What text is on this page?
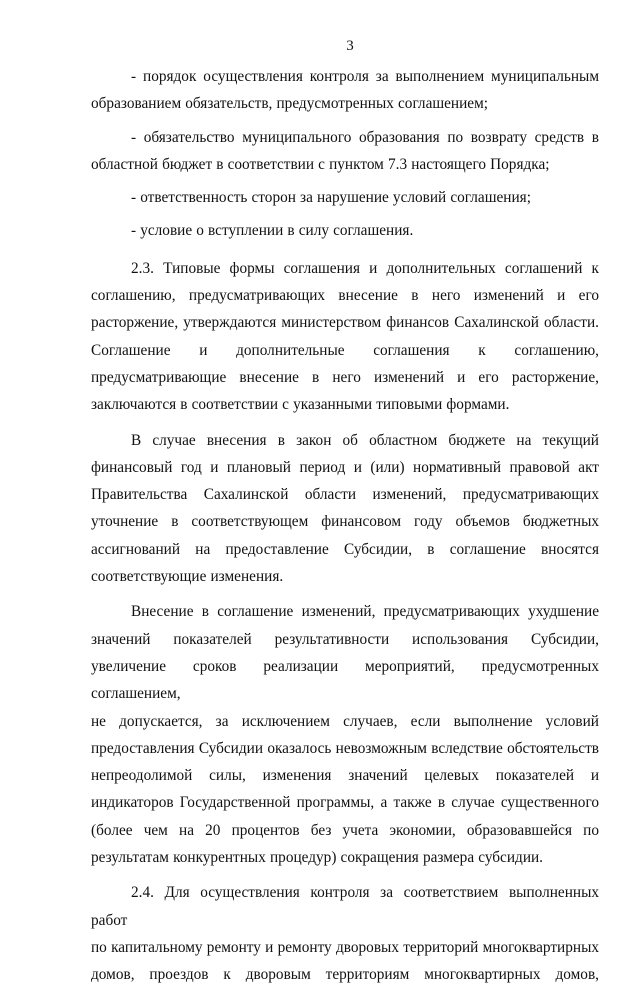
3
- порядок осуществления контроля за выполнением муниципальным
образованием обязательств, предусмотренных соглашением;
- обязательство муниципального образования по возврату средств в
областной бюджет в соответствии с пунктом 7.3 настоящего Порядка;
- ответственность сторон за нарушение условий соглашения;
- условие о вступлении в силу соглашения.
2.3. Типовые формы соглашения и дополнительных соглашений к
соглашению, предусматривающих внесение в него изменений и его
расторжение, утверждаются министерством финансов Сахалинской области.
Соглашение и дополнительные соглашения к соглашению,
предусматривающие внесение в него изменений и его расторжение,
заключаются в соответствии с указанными типовыми формами.
В случае внесения в закон об областном бюджете на текущий
финансовый год и плановый период и (или) нормативный правовой акт
Правительства Сахалинской области изменений, предусматривающих
уточнение в соответствующем финансовом году объемов бюджетных
ассигнований на предоставление Субсидии, в соглашение вносятся
соответствующие изменения.
Внесение в соглашение изменений, предусматривающих ухудшение
значений показателей результативности использования Субсидии,
увеличение сроков реализации мероприятий, предусмотренных соглашением,
не допускается, за исключением случаев, если выполнение условий
предоставления Субсидии оказалось невозможным вследствие обстоятельств
непреодолимой силы, изменения значений целевых показателей и
индикаторов Государственной программы, а также в случае существенного
(более чем на 20 процентов без учета экономии, образовавшейся по
результатам конкурентных процедур) сокращения размера субсидии.
2.4. Для осуществления контроля за соответствием выполненных работ
по капитальному ремонту и ремонту дворовых территорий многоквартирных
домов, проездов к дворовым территориям многоквартирных домов,
